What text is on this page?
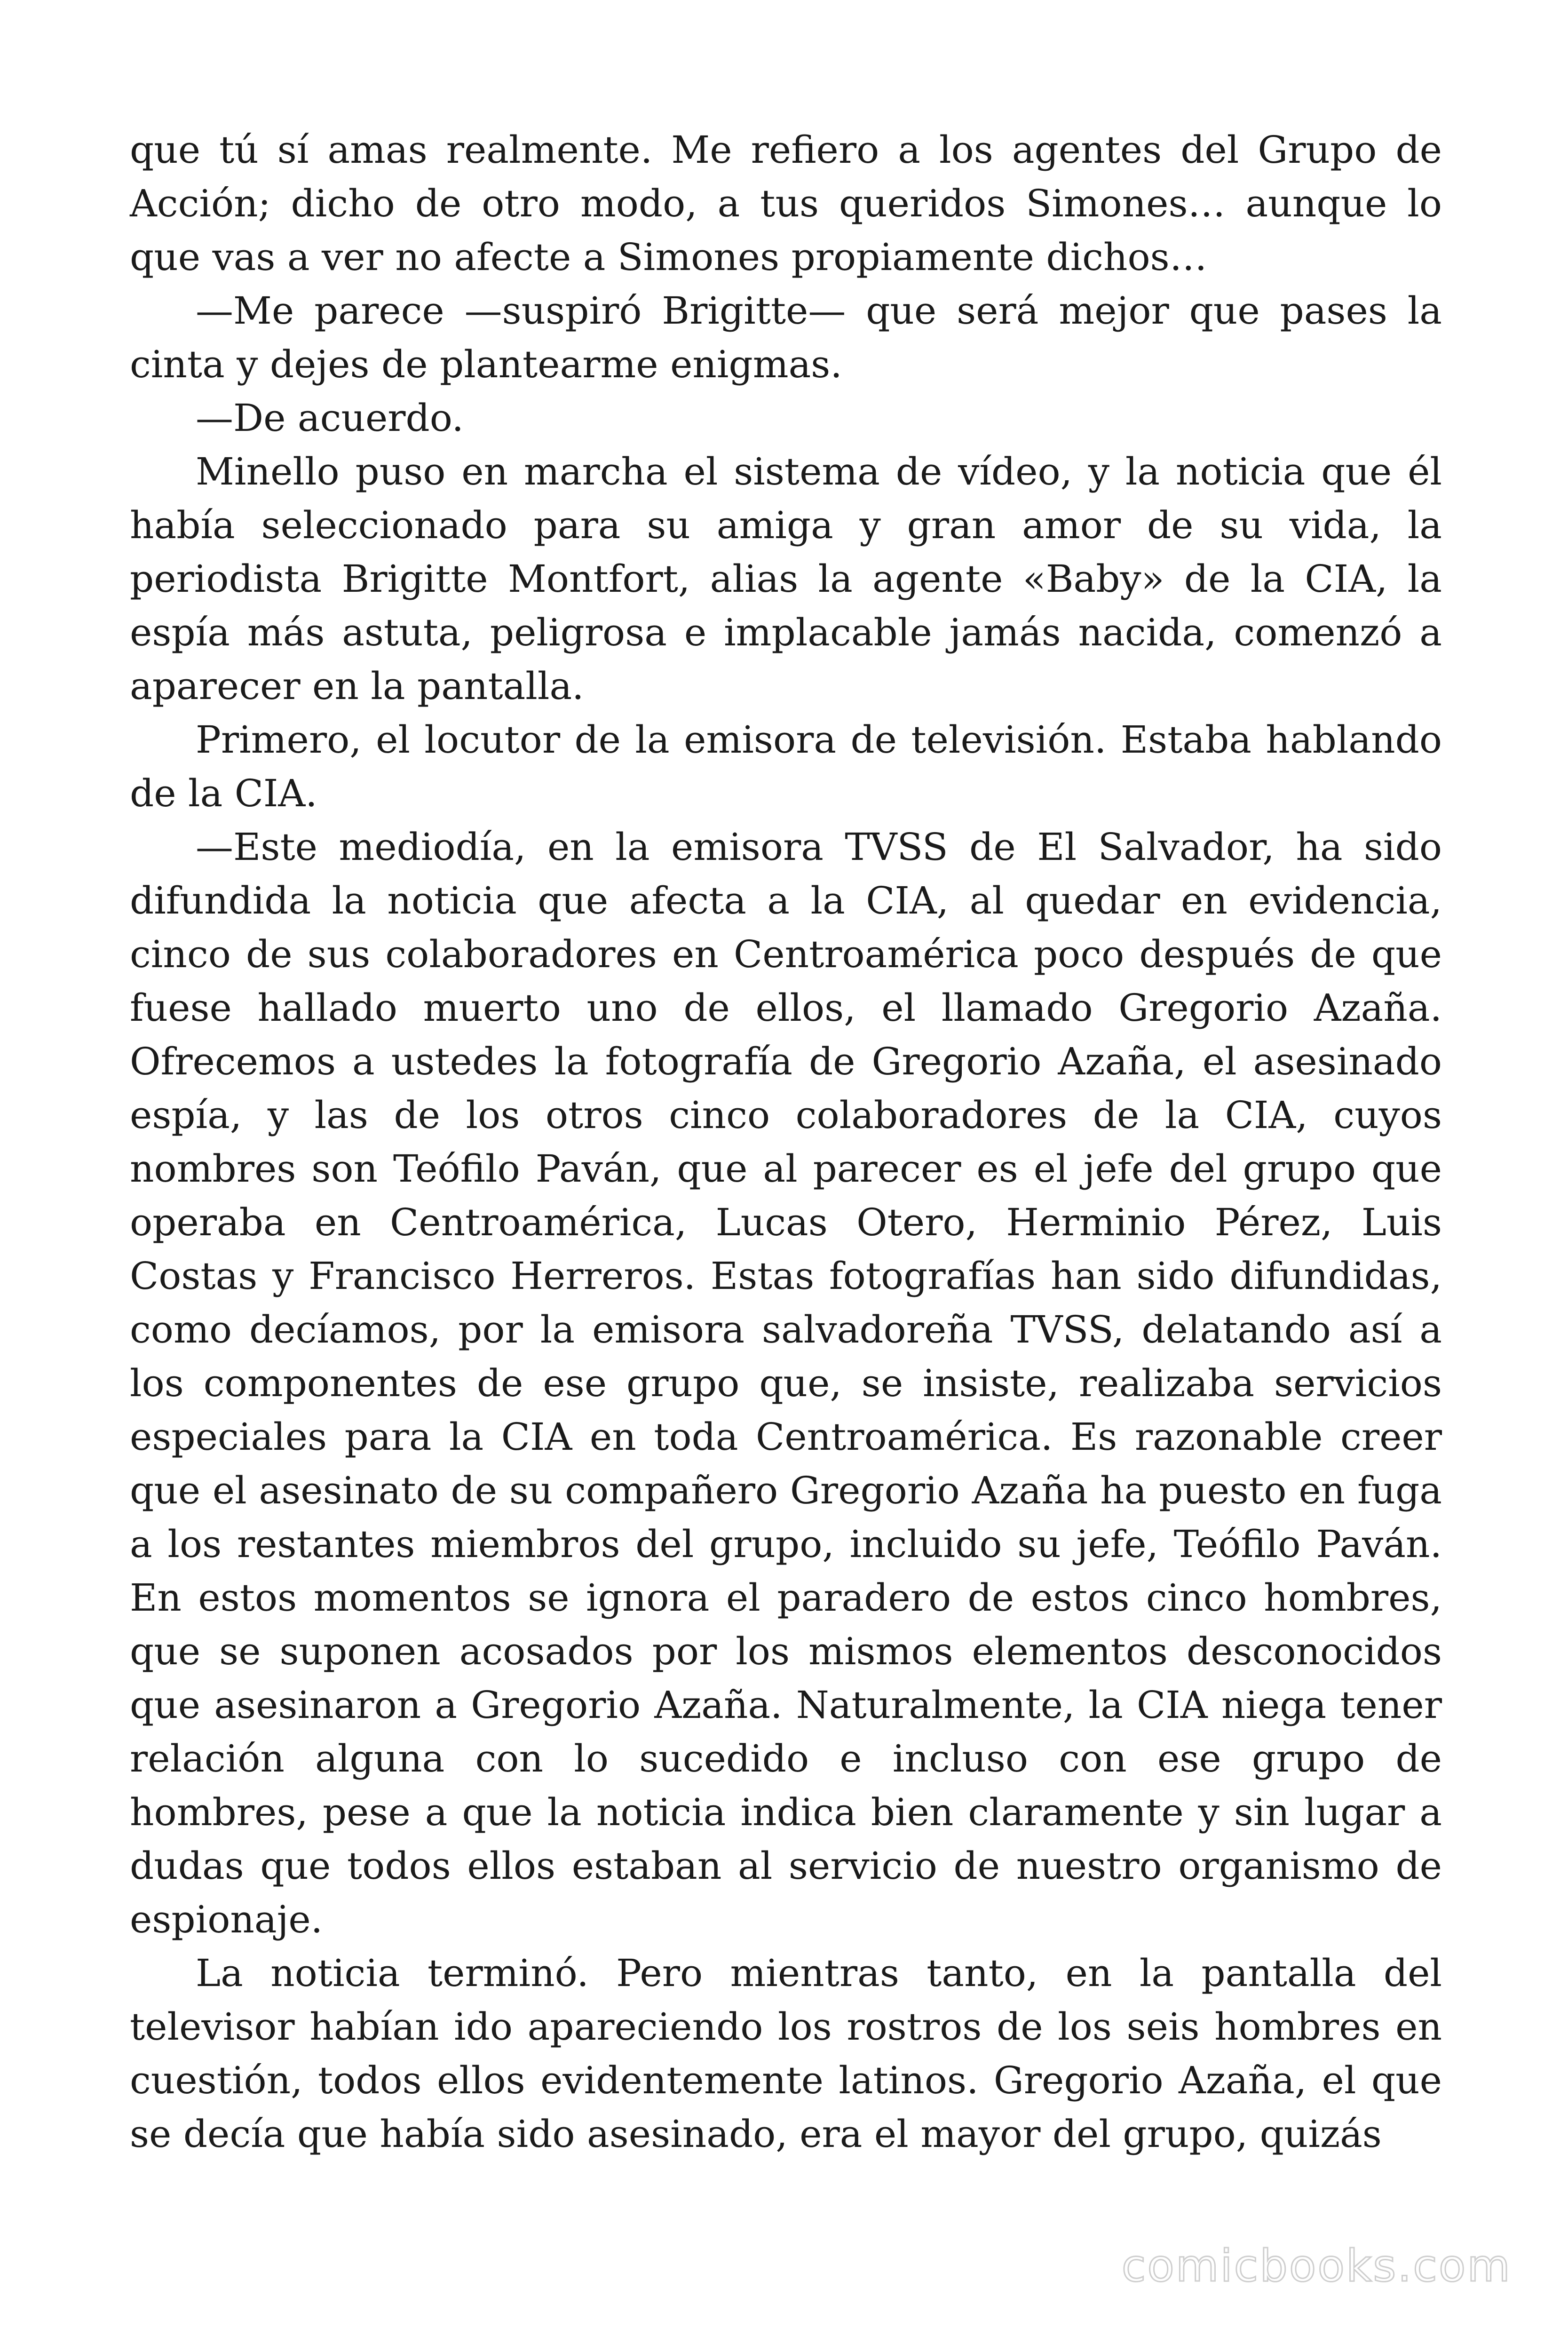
que tú sí amas realmente. Me refiero a los agentes del Grupo de Acción; dicho de otro modo, a tus queridos Simones… aunque lo que vas a ver no afecte a Simones propiamente dichos…

—Me parece —suspiró Brigitte— que será mejor que pases la cinta y dejes de plantearme enigmas.

—De acuerdo.

Minello puso en marcha el sistema de vídeo, y la noticia que él había seleccionado para su amiga y gran amor de su vida, la periodista Brigitte Montfort, alias la agente «Baby» de la CIA, la espía más astuta, peligrosa e implacable jamás nacida, comenzó a aparecer en la pantalla.

Primero, el locutor de la emisora de televisión. Estaba hablando de la CIA.

—Este mediodía, en la emisora TVSS de El Salvador, ha sido difundida la noticia que afecta a la CIA, al quedar en evidencia, cinco de sus colaboradores en Centroamérica poco después de que fuese hallado muerto uno de ellos, el llamado Gregorio Azaña. Ofrecemos a ustedes la fotografía de Gregorio Azaña, el asesinado espía, y las de los otros cinco colaboradores de la CIA, cuyos nombres son Teófilo Paván, que al parecer es el jefe del grupo que operaba en Centroamérica, Lucas Otero, Herminio Pérez, Luis Costas y Francisco Herreros. Estas fotografías han sido difundidas, como decíamos, por la emisora salvadoreña TVSS, delatando así a los componentes de ese grupo que, se insiste, realizaba servicios especiales para la CIA en toda Centroamérica. Es razonable creer que el asesinato de su compañero Gregorio Azaña ha puesto en fuga a los restantes miembros del grupo, incluido su jefe, Teófilo Paván. En estos momentos se ignora el paradero de estos cinco hombres, que se suponen acosados por los mismos elementos desconocidos que asesinaron a Gregorio Azaña. Naturalmente, la CIA niega tener relación alguna con lo sucedido e incluso con ese grupo de hombres, pese a que la noticia indica bien claramente y sin lugar a dudas que todos ellos estaban al servicio de nuestro organismo de espionaje.

La noticia terminó. Pero mientras tanto, en la pantalla del televisor habían ido apareciendo los rostros de los seis hombres en cuestión, todos ellos evidentemente latinos. Gregorio Azaña, el que se decía que había sido asesinado, era el mayor del grupo, quizás

comicbooks.com
